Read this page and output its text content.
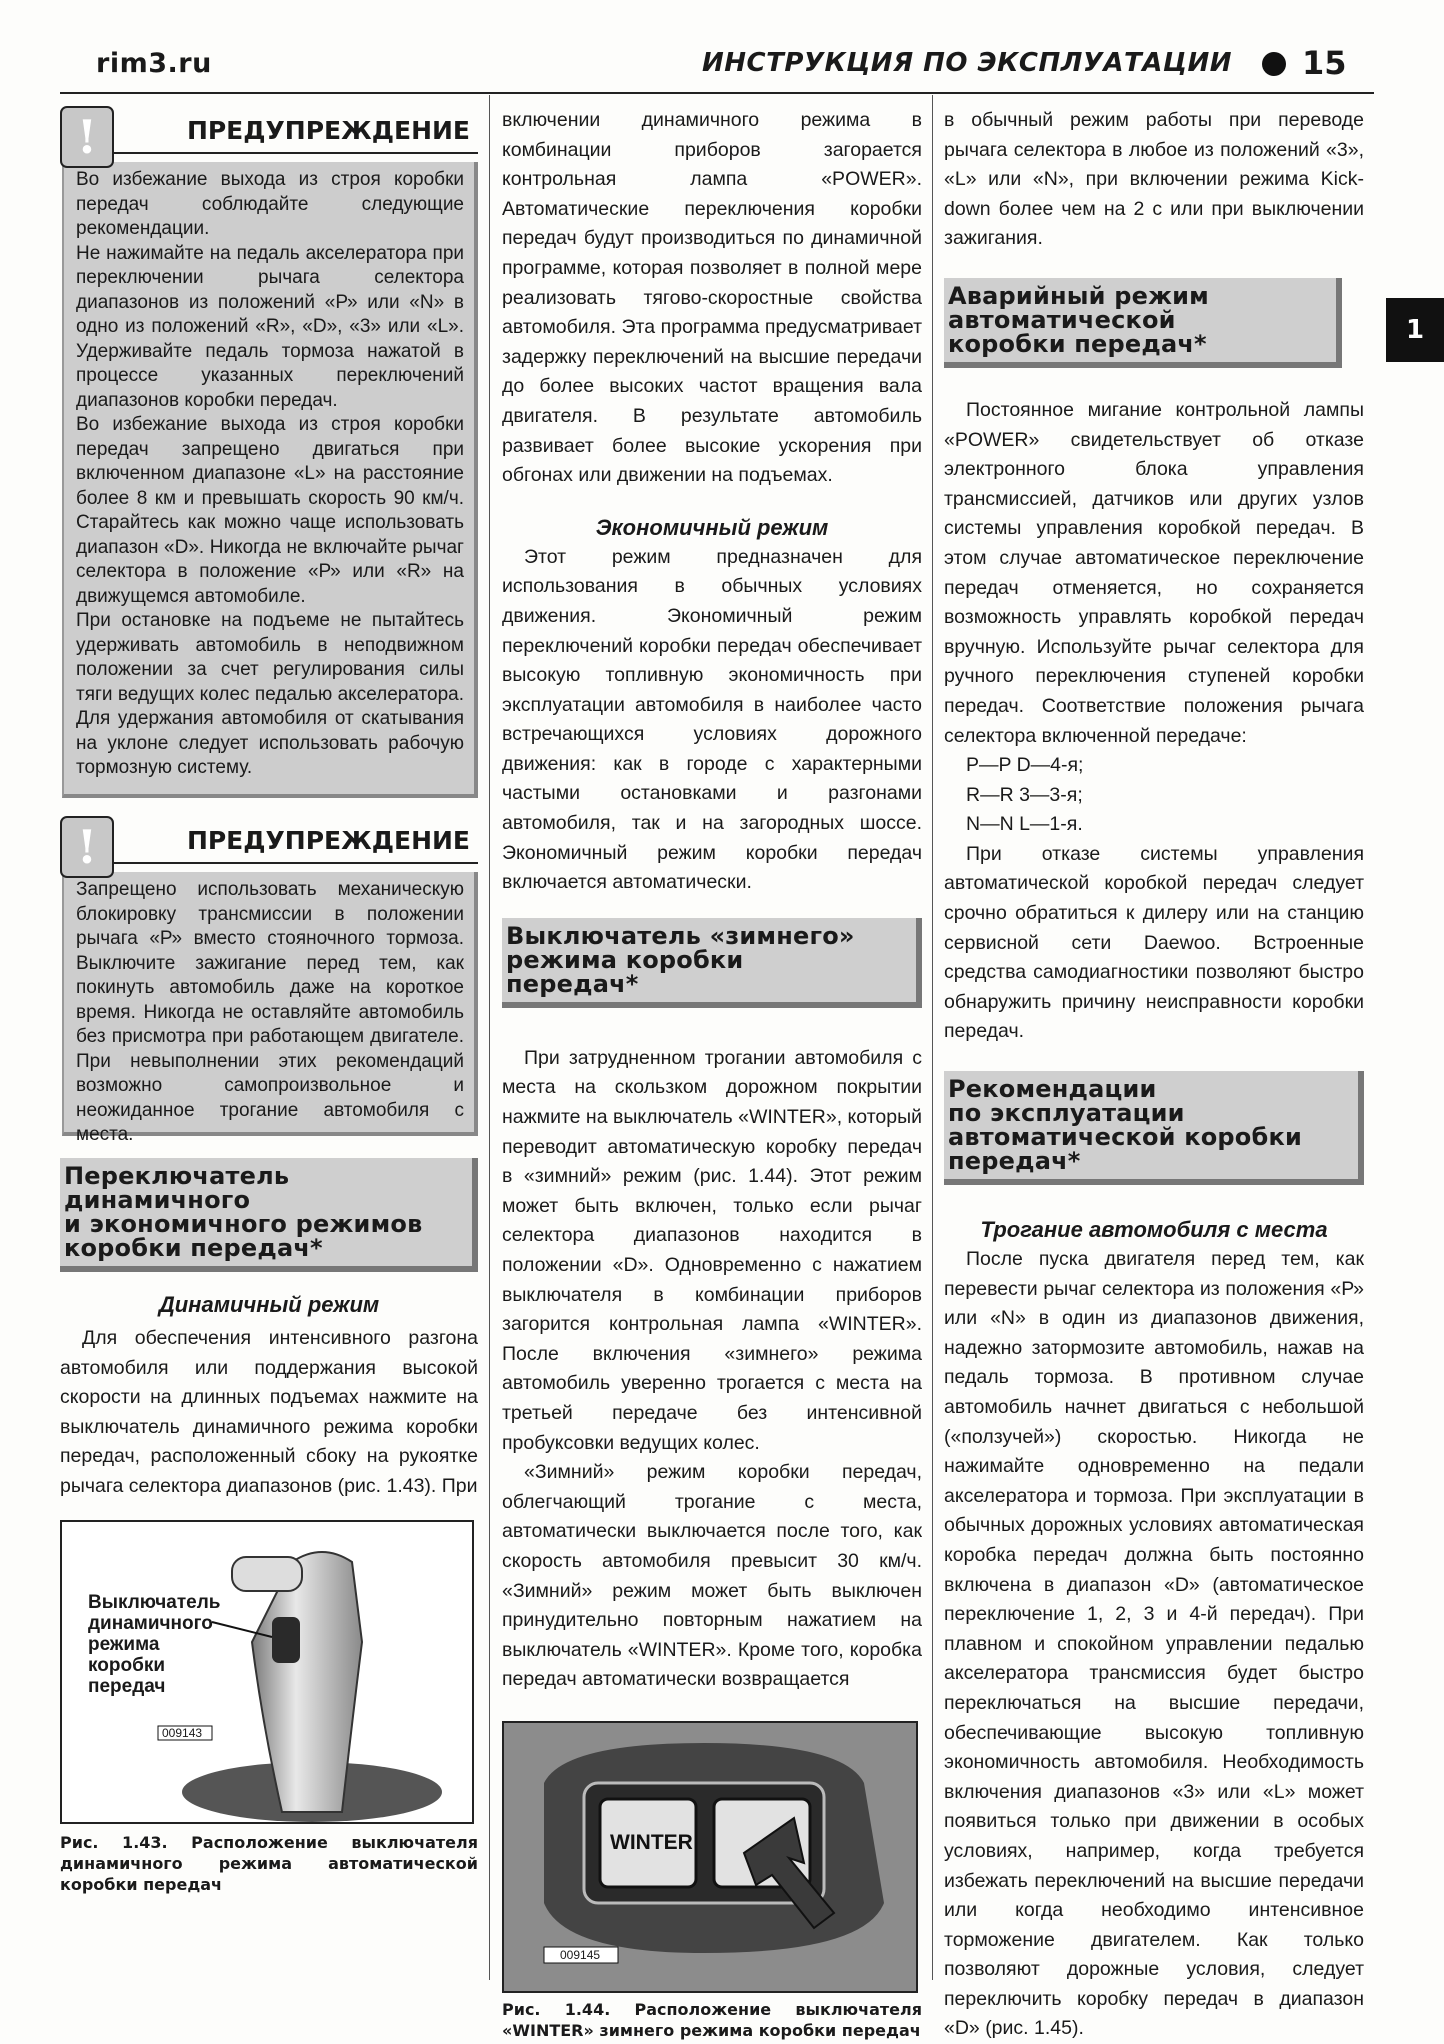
rim3.ru	ИНСТРУКЦИЯ ПО ЭКСПЛУАТАЦИИ 15
1
!	ПРЕДУПРЕЖДЕНИЕ

Во избежание выхода из строя коробки передач соблюдайте следующие рекомендации.

Не нажимайте на педаль акселератора при переключении рычага селектора диапазонов из положений «Р» или «N» в одно из положений «R», «D», «3» или «L». Удерживайте педаль тормоза нажатой в процессе указанных переключений диапазонов коробки передач.

Во избежание выхода из строя коробки передач запрещено двигаться при включенном диапазоне «L» на расстояние более 8 км и превышать скорость 90 км/ч. Старайтесь как можно чаще использовать диапазон «D». Никогда не включайте рычаг селектора в положение «Р» или «R» на движущемся автомобиле.

При остановке на подъеме не пытайтесь удерживать автомобиль в неподвижном положении за счет регулирования силы тяги ведущих колес педалью акселератора. Для удержания автомобиля от скатывания на уклоне следует использовать рабочую тормозную систему.

!	ПРЕДУПРЕЖДЕНИЕ

Запрещено использовать механическую блокировку трансмиссии в положении рычага «Р» вместо стояночного тормоза. Выключите зажигание перед тем, как покинуть автомобиль даже на короткое время. Никогда не оставляйте автомобиль без присмотра при работающем двигателе. При невыполнении этих рекомендаций возможно самопроизвольное и неожиданное трогание автомобиля с места.

Переключатель
динамичного
и экономичного режимов
коробки передач*

Динамичный режим

Для обеспечения интенсивного разгона автомобиля или поддержания высокой скорости на длинных подъемах нажмите на выключатель динамичного режима коробки передач, расположенный сбоку на рукоятке рычага селектора диапазонов (рис. 1.43). При

Выключатель
динамичного
режима
коробки
передач
009143

Рис. 1.43. Расположение выключателя динамичного режима автоматической коробки передач

включении динамичного режима в комбинации приборов загорается контрольная лампа «POWER». Автоматические переключения коробки передач будут производиться по динамичной программе, которая позволяет в полной мере реализовать тягово-скоростные свойства автомобиля. Эта программа предусматривает задержку переключений на высшие передачи до более высоких частот вращения вала двигателя. В результате автомобиль развивает более высокие ускорения при обгонах или движении на подъемах.

Экономичный режим

Этот режим предназначен для использования в обычных условиях движения. Экономичный режим переключений коробки передач обеспечивает высокую топливную экономичность при эксплуатации автомобиля в наиболее часто встречающихся условиях дорожного движения: как в городе с характерными частыми остановками и разгонами автомобиля, так и на загородных шоссе. Экономичный режим коробки передач включается автоматически.

Выключатель «зимнего»
режима коробки
передач*

При затрудненном трогании автомобиля с места на скользком дорожном покрытии нажмите на выключатель «WINTER», который переводит автоматическую коробку передач в «зимний» режим (рис. 1.44). Этот режим может быть включен, только если рычаг селектора диапазонов находится в положении «D». Одновременно с нажатием выключателя в комбинации приборов загорится контрольная лампа «WINTER». После включения «зимнего» режима автомобиль уверенно трогается с места на третьей передаче без интенсивной пробуксовки ведущих колес.

«Зимний» режим коробки передач, облегчающий трогание с места, автоматически выключается после того, как скорость автомобиля превысит 30 км/ч. «Зимний» режим может быть выключен принудительно повторным нажатием на выключатель «WINTER». Кроме того, коробка передач автоматически возвращается

WINTER
009145

Рис. 1.44. Расположение выключателя «WINTER» зимнего режима коробки передач

в обычный режим работы при переводе рычага селектора в любое из положений «3», «L» или «N», при включении режима Kick-down более чем на 2 с или при выключении зажигания.

Аварийный режим
автоматической
коробки передач*

Постоянное мигание контрольной лампы «POWER» свидетельствует об отказе электронного блока управления трансмиссией, датчиков или других узлов системы управления коробкой передач. В этом случае автоматическое переключение передач отменяется, но сохраняется возможность управлять коробкой передач вручную. Используйте рычаг селектора для ручного переключения ступеней коробки передач. Соответствие положения рычага селектора включенной передаче:

P—P D—4-я;

R—R 3—3-я;

N—N L—1-я.

При отказе системы управления автоматической коробкой передач следует срочно обратиться к дилеру или на станцию сервисной сети Daewoo. Встроенные средства самодиагностики позволяют быстро обнаружить причину неисправности коробки передач.

Рекомендации
по эксплуатации
автоматической коробки
передач*

Трогание автомобиля с места

После пуска двигателя перед тем, как перевести рычаг селектора из положения «Р» или «N» в один из диапазонов движения, надежно затормозите автомобиль, нажав на педаль тормоза. В противном случае автомобиль начнет двигаться с небольшой («ползучей») скоростью. Никогда не нажимайте одновременно на педали акселератора и тормоза. При эксплуатации в обычных дорожных условиях автоматическая коробка передач должна быть постоянно включена в диапазон «D» (автоматическое переключение 1, 2, 3 и 4-й передач). При плавном и спокойном управлении педалью акселератора трансмиссия будет быстро переключаться на высшие передачи, обеспечивающие высокую топливную экономичность автомобиля. Необходимость включения диапазонов «3» или «L» может появиться только при движении в особых условиях, например, когда требуется избежать переключений на высшие передачи или когда необходимо интенсивное торможение двигателем. Как только позволяют дорожные условия, следует переключить коробку передач в диапазон «D» (рис. 1.45).
